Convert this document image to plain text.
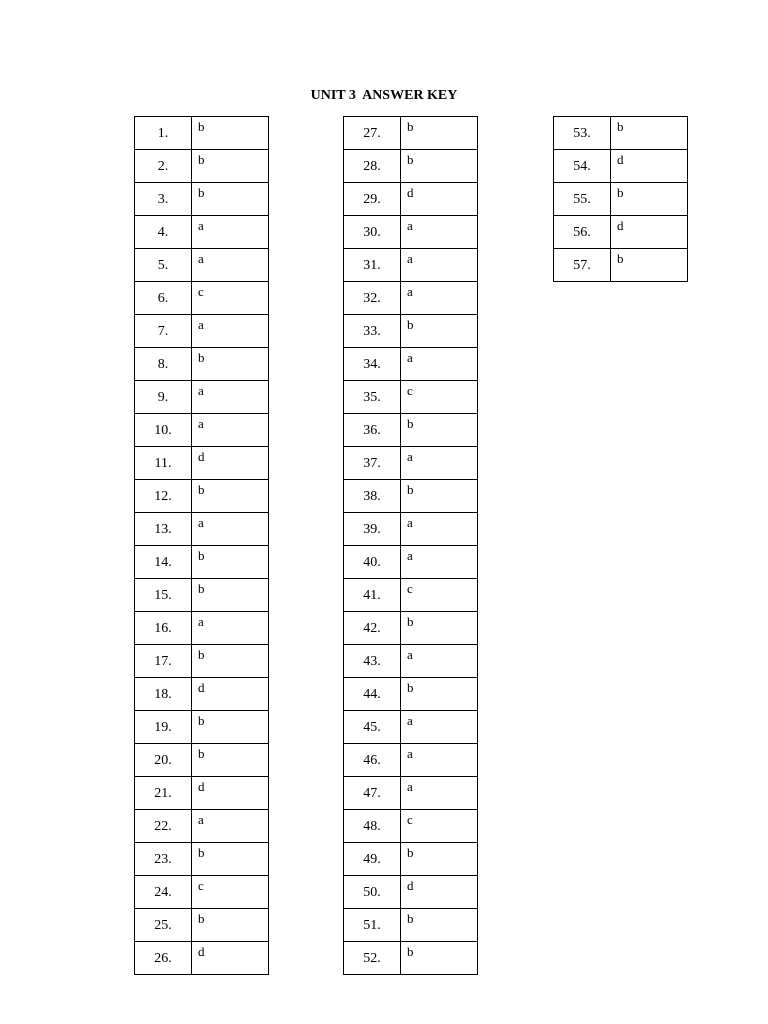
UNIT 3  ANSWER KEY
1.	b
2.	b
3.	b
4.	a
5.	a
6.	c
7.	a
8.	b
9.	a
10.	a
11.	d
12.	b
13.	a
14.	b
15.	b
16.	a
17.	b
18.	d
19.	b
20.	b
21.	d
22.	a
23.	b
24.	c
25.	b
26.	d
27.	b
28.	b
29.	d
30.	a
31.	a
32.	a
33.	b
34.	a
35.	c
36.	b
37.	a
38.	b
39.	a
40.	a
41.	c
42.	b
43.	a
44.	b
45.	a
46.	a
47.	a
48.	c
49.	b
50.	d
51.	b
52.	b
53.	b
54.	d
55.	b
56.	d
57.	b
